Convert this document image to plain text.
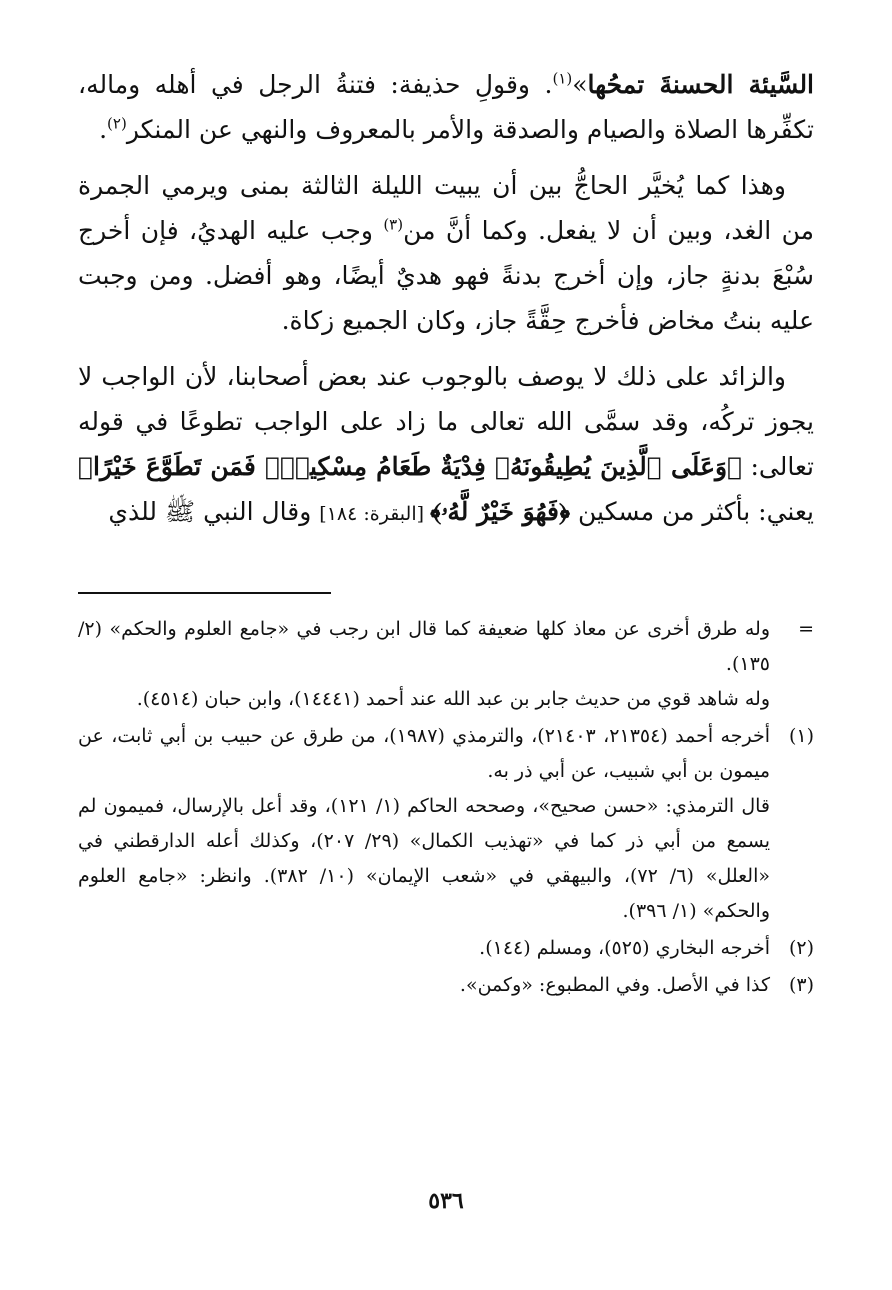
السَّيئة الحسنةَ تمحُها»$^{(١)}$. وقولِ حذيفة: فتنةُ الرجل في أهله وماله، تكفِّرها الصلاة والصيام والصدقة والأمر بالمعروف والنهي عن المنكر$^{(٢)}$.

وهذا كما يُخيَّر الحاجُّ بين أن يبيت الليلة الثالثة بمنى ويرمي الجمرة من الغد، وبين أن لا يفعل. وكما أنَّ من$^{(٣)}$ وجب عليه الهديُ، فإن أخرج سُبْعَ بدنةٍ جاز، وإن أخرج بدنةً فهو هديٌ أيضًا، وهو أفضل. ومن وجبت عليه بنتُ مخاض فأخرج حِقَّةً جاز، وكان الجميع زكاة.

والزائد على ذلك لا يوصف بالوجوب عند بعض أصحابنا، لأن الواجب لا يجوز تركُه، وقد سمَّى الله تعالى ما زاد على الواجب تطوعًا في قوله تعالى: ﴿وَعَلَى ٱلَّذِينَ يُطِيقُونَهُۥ فِدْيَةٌ طَعَامُ مِسْكِينٍۖ فَمَن تَطَوَّعَ خَيْرًا﴾ يعني: بأكثر من مسكين ﴿فَهُوَ خَيْرٌ لَّهُۥ﴾ [البقرة: ١٨٤] وقال النبي ﷺ للذي

=

وله طرق أخرى عن معاذ كلها ضعيفة كما قال ابن رجب في «جامع العلوم والحكم» (٢/ ١٣٥).

وله شاهد قوي من حديث جابر بن عبد الله عند أحمد (١٤٤٤١)، وابن حبان (٤٥١٤).

(١)

أخرجه أحمد (٢١٣٥٤، ٢١٤٠٣)، والترمذي (١٩٨٧)، من طرق عن حبيب بن أبي ثابت، عن ميمون بن أبي شبيب، عن أبي ذر به.

قال الترمذي: «حسن صحيح»، وصححه الحاكم (١/ ١٢١)، وقد أعل بالإرسال، فميمون لم يسمع من أبي ذر كما في «تهذيب الكمال» (٢٩/ ٢٠٧)، وكذلك أعله الدارقطني في «العلل» (٦/ ٧٢)، والبيهقي في «شعب الإيمان» (١٠/ ٣٨٢). وانظر: «جامع العلوم والحكم» (١/ ٣٩٦).

(٢)

أخرجه البخاري (٥٢٥)، ومسلم (١٤٤).

(٣)

كذا في الأصل. وفي المطبوع: «وكمن».

٥٣٦
